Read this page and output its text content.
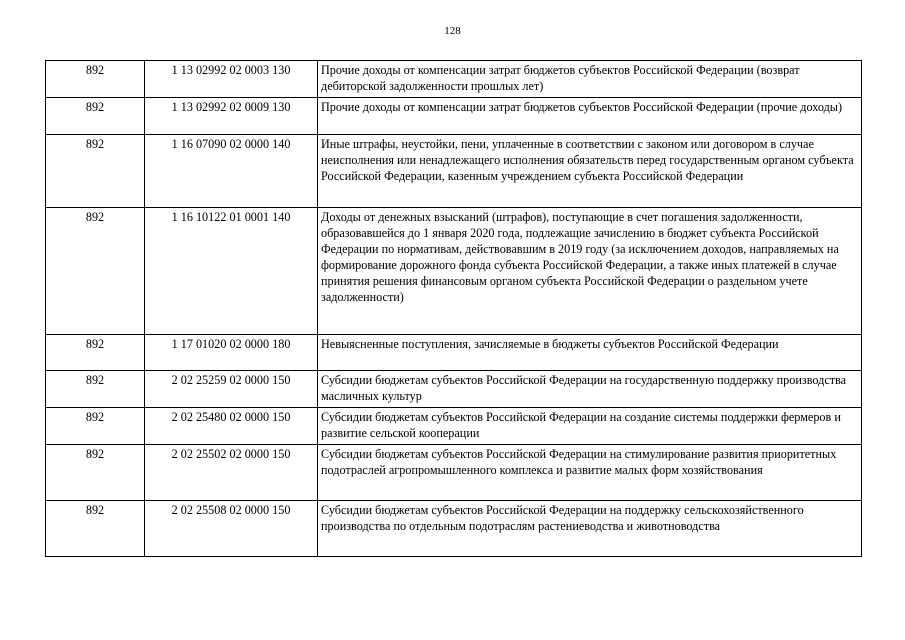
128
892	1 13 02992 02 0003 130	Прочие доходы от компенсации затрат бюджетов субъектов Российской Федерации (возврат дебиторской задолженности прошлых лет)
892	1 13 02992 02 0009 130	Прочие доходы от компенсации затрат бюджетов субъектов Российской Федерации (прочие доходы)
892	1 16 07090 02 0000 140	Иные штрафы, неустойки, пени, уплаченные в соответствии с законом или договором в случае неисполнения или ненадлежащего исполнения обязательств перед государственным органом субъекта Российской Федерации, казенным учреждением субъекта Российской Федерации
892	1 16 10122 01 0001 140	Доходы от денежных взысканий (штрафов), поступающие в счет погашения задолженности, образовавшейся до 1 января 2020 года, подлежащие зачислению в бюджет субъекта Российской Федерации по нормативам, действовавшим в 2019 году (за исключением доходов, направляемых на формирование дорожного фонда субъекта Российской Федерации, а также иных платежей в случае принятия решения финансовым органом субъекта Российской Федерации о раздельном учете задолженности)
892	1 17 01020 02 0000 180	Невыясненные поступления, зачисляемые в бюджеты субъектов Российской Федерации
892	2 02 25259 02 0000 150	Субсидии бюджетам субъектов Российской Федерации на государственную поддержку производства масличных культур
892	2 02 25480 02 0000 150	Субсидии бюджетам субъектов Российской Федерации на создание системы поддержки фермеров и развитие сельской кооперации
892	2 02 25502 02 0000 150	Субсидии бюджетам субъектов Российской Федерации на стимулирование развития приоритетных подотраслей агропромышленного комплекса и развитие малых форм хозяйствования
892	2 02 25508 02 0000 150	Субсидии бюджетам субъектов Российской Федерации на поддержку сельскохозяйственного производства по отдельным подотраслям растениеводства и животноводства
